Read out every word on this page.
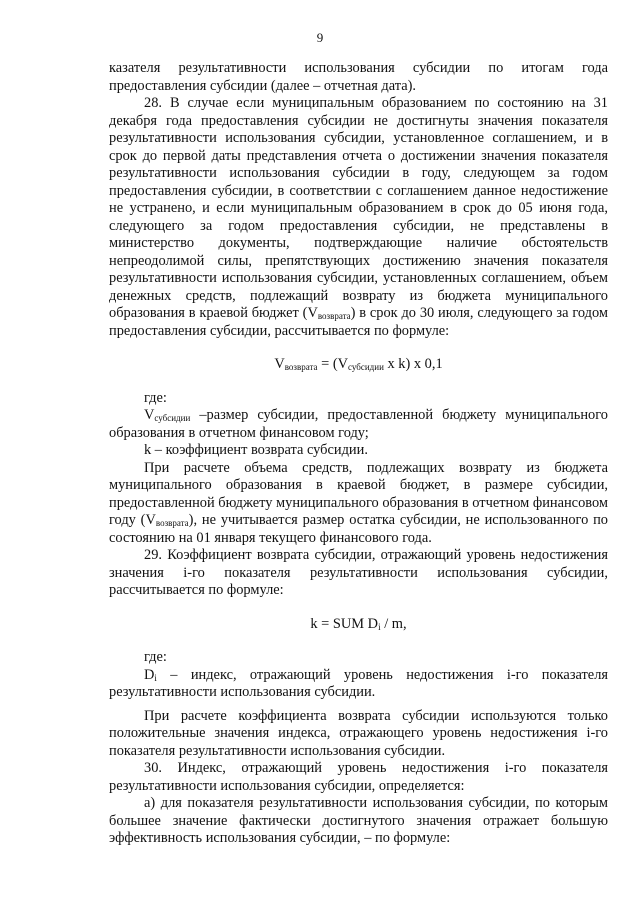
9

казателя результативности использования субсидии по итогам года предоставления субсидии (далее – отчетная дата).

28. В случае если муниципальным образованием по состоянию на 31 декабря года предоставления субсидии не достигнуты значения показателя результативности использования субсидии, установленное соглашением, и в срок до первой даты представления отчета о достижении значения показателя результативности использования субсидии в году, следующем за годом предоставления субсидии, в соответствии с соглашением данное недостижение не устранено, и если муниципальным образованием в срок до 05 июня года, следующего за годом предоставления субсидии, не представлены в министерство документы, подтверждающие наличие обстоятельств непреодолимой силы, препятствующих достижению значения показателя результативности использования субсидии, установленных соглашением, объем денежных средств, подлежащий возврату из бюджета муниципального образования в краевой бюджет $(V_{возврата})$ в срок до 30 июля, следующего за годом предоставления субсидии, рассчитывается по формуле:

$V_{возврата} = (V_{субсидии}$ x k) x 0,1

где:

$V_{субсидии}$ –размер субсидии, предоставленной бюджету муниципального образования в отчетном финансовом году;

k – коэффициент возврата субсидии.

При расчете объема средств, подлежащих возврату из бюджета муниципального образования в краевой бюджет, в размере субсидии, предоставленной бюджету муниципального образования в отчетном финансовом году $(V_{возврата})$, не учитывается размер остатка субсидии, не использованного по состоянию на 01 января текущего финансового года.

29. Коэффициент возврата субсидии, отражающий уровень недостижения значения i-го показателя результативности использования субсидии, рассчитывается по формуле:

k = SUM $D_i$ / m,

где:

$D_i$ – индекс, отражающий уровень недостижения i-го показателя результативности использования субсидии.

При расчете коэффициента возврата субсидии используются только положительные значения индекса, отражающего уровень недостижения i-го показателя результативности использования субсидии.

30. Индекс, отражающий уровень недостижения i-го показателя результативности использования субсидии, определяется:

а) для показателя результативности использования субсидии, по которым большее значение фактически достигнутого значения отражает большую эффективность использования субсидии, – по формуле:
